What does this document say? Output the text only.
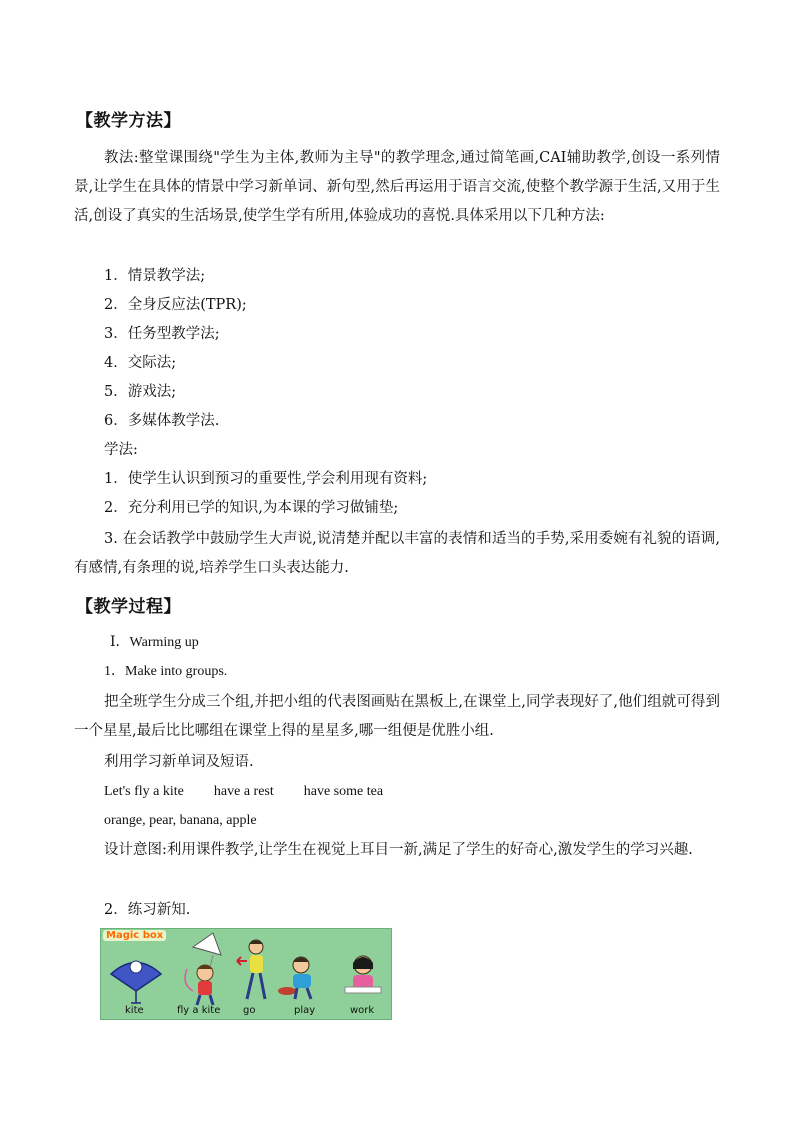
【教学方法】
教法:整堂课围绕"学生为主体,教师为主导"的教学理念,通过简笔画,CAI辅助教学,创设一系列情景,让学生在具体的情景中学习新单词、新句型,然后再运用于语言交流,使整个教学源于生活,又用于生活,创设了真实的生活场景,使学生学有所用,体验成功的喜悦.具体采用以下几种方法:
1．情景教学法;
2．全身反应法(TPR);
3．任务型教学法;
4．交际法;
5．游戏法;
6．多媒体教学法.
学法:
1．使学生认识到预习的重要性,学会利用现有资料;
2．充分利用已学的知识,为本课的学习做铺垫;
3. 在会话教学中鼓励学生大声说,说清楚并配以丰富的表情和适当的手势,采用委婉有礼貌的语调,有感情,有条理的说,培养学生口头表达能力.
【教学过程】
Ⅰ．Warming up
1．Make into groups.
把全班学生分成三个组,并把小组的代表图画贴在黑板上,在课堂上,同学表现好了,他们组就可得到一个星星,最后比比哪组在课堂上得的星星多,哪一组便是优胜小组.
利用学习新单词及短语.
Let's fly a kite have a rest have some tea
orange, pear, banana, apple
设计意图:利用课件教学,让学生在视觉上耳目一新,满足了学生的好奇心,激发学生的学习兴趣.
2．练习新知.
Magic box
kite	fly a kite go	play	work
